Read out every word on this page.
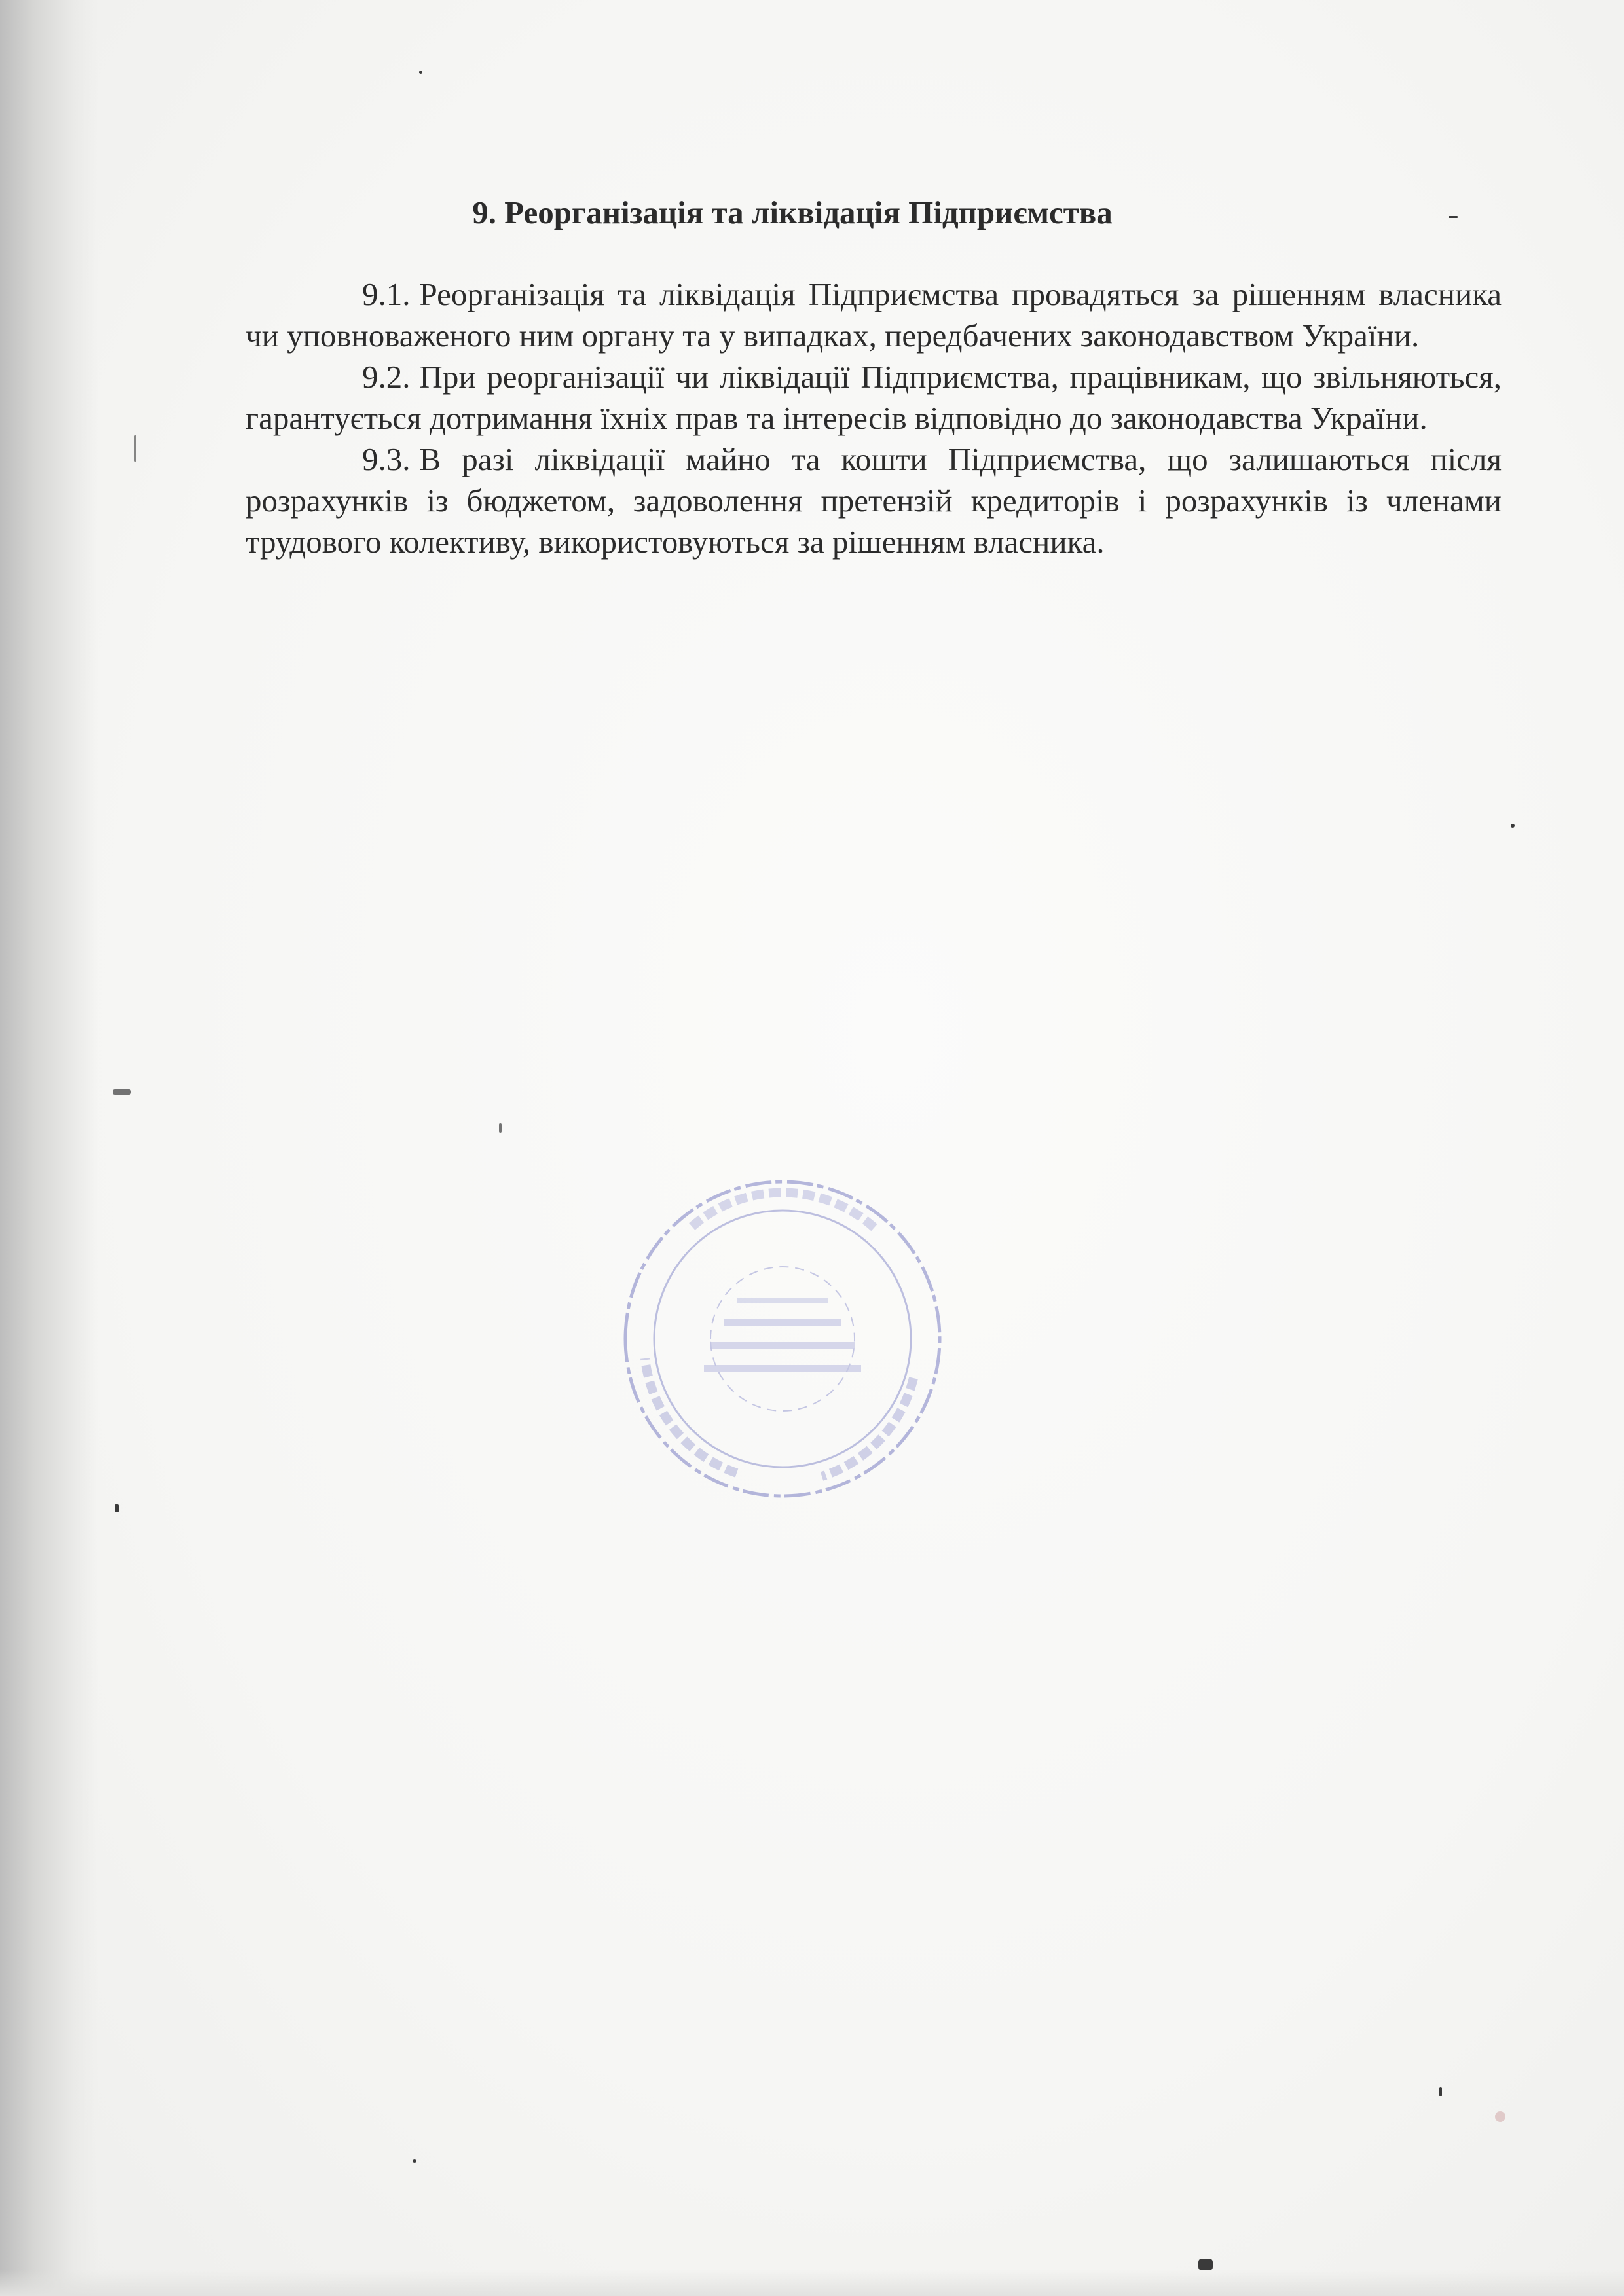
9. Реорганізація та ліквідація Підприємства

9.1. Реорганізація та ліквідація Підприємства провадяться за рішенням власника чи уповноваженого ним органу та у випадках, передбачених законодавством України.

9.2. При реорганізації чи ліквідації Підприємства, працівникам, що звільняються, гарантується дотримання їхніх прав та інтересів відповідно до законодавства України.

9.3. В разі ліквідації майно та кошти Підприємства, що залишаються після розрахунків із бюджетом, задоволення претензій кредиторів і розрахунків із членами трудового колективу, використовуються за рішенням власника.
